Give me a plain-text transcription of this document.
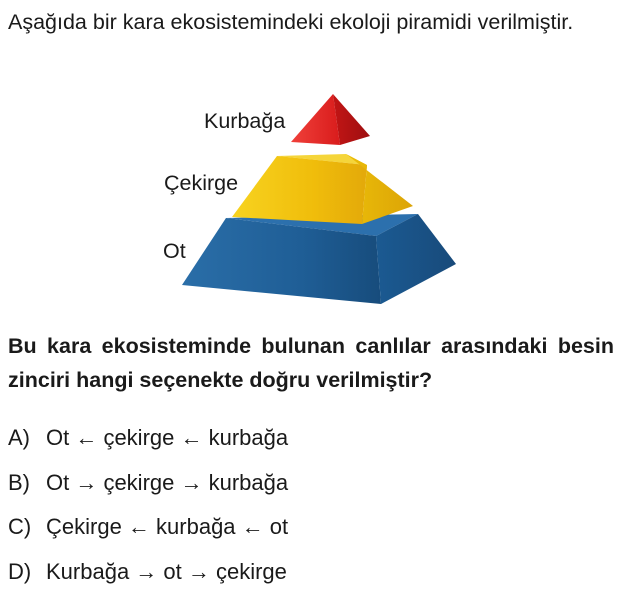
Aşağıda bir kara ekosistemindeki ekoloji piramidi verilmiştir.

Kurbağa
Çekirge
Ot

Bu kara ekosisteminde bulunan canlılar arasındaki besin zinciri hangi seçenekte doğru verilmiştir?

A) Ot ← çekirge ← kurbağa
B) Ot → çekirge → kurbağa
C) Çekirge ← kurbağa ← ot
D) Kurbağa → ot → çekirge
